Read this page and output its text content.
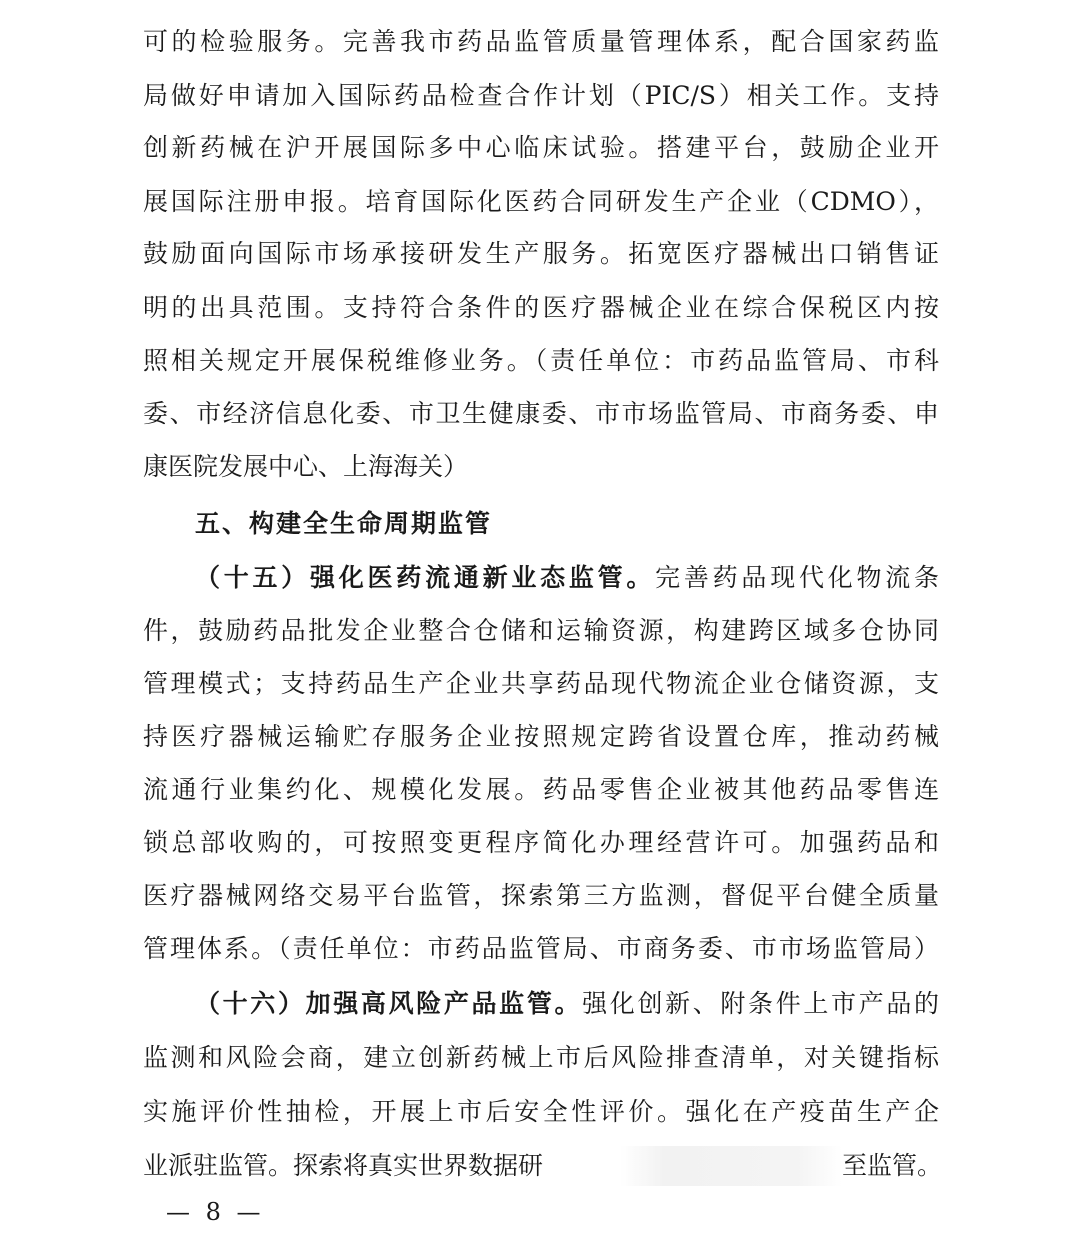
可的检验服务。完善我市药品监管质量管理体系，配合国家药监
局做好申请加入国际药品检查合作计划（PIC/S）相关工作。支持
创新药械在沪开展国际多中心临床试验。搭建平台，鼓励企业开
展国际注册申报。培育国际化医药合同研发生产企业（CDMO），
鼓励面向国际市场承接研发生产服务。拓宽医疗器械出口销售证
明的出具范围。支持符合条件的医疗器械企业在综合保税区内按
照相关规定开展保税维修业务。（责任单位：市药品监管局、市科
委、市经济信息化委、市卫生健康委、市市场监管局、市商务委、申
康医院发展中心、上海海关）
五、构建全生命周期监管
（十五）强化医药流通新业态监管。完善药品现代化物流条
件，鼓励药品批发企业整合仓储和运输资源，构建跨区域多仓协同
管理模式；支持药品生产企业共享药品现代物流企业仓储资源，支
持医疗器械运输贮存服务企业按照规定跨省设置仓库，推动药械
流通行业集约化、规模化发展。药品零售企业被其他药品零售连
锁总部收购的，可按照变更程序简化办理经营许可。加强药品和
医疗器械网络交易平台监管，探索第三方监测，督促平台健全质量
管理体系。（责任单位：市药品监管局、市商务委、市市场监管局）
（十六）加强高风险产品监管。强化创新、附条件上市产品的
监测和风险会商，建立创新药械上市后风险排查清单，对关键指标
实施评价性抽检，开展上市后安全性评价。强化在产疫苗生产企
业派驻监管。探索将真实世界数据研	至监管。
— 8 —
